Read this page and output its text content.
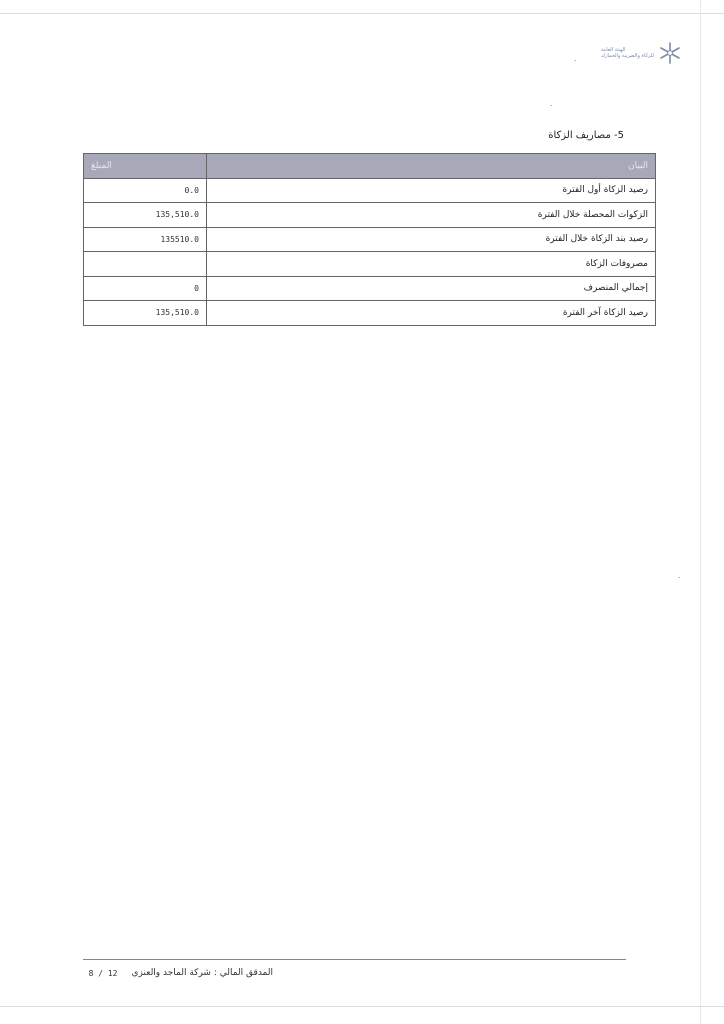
الهيئة العامة
للزكاة والضريبة والجمارك
5- مصاريف الزكاة
البيان	المبلغ
رصيد الزكاة أول الفترة	0.0
الزكوات المحصلة خلال الفترة	135,510.0
رصيد بند الزكاة خلال الفترة	135510.0
مصروفات الزكاة	
إجمالي المنصرف	0
رصيد الزكاة آخر الفترة	135,510.0
المدقق المالي : شركة الماجد والعنزي
8 / 12
